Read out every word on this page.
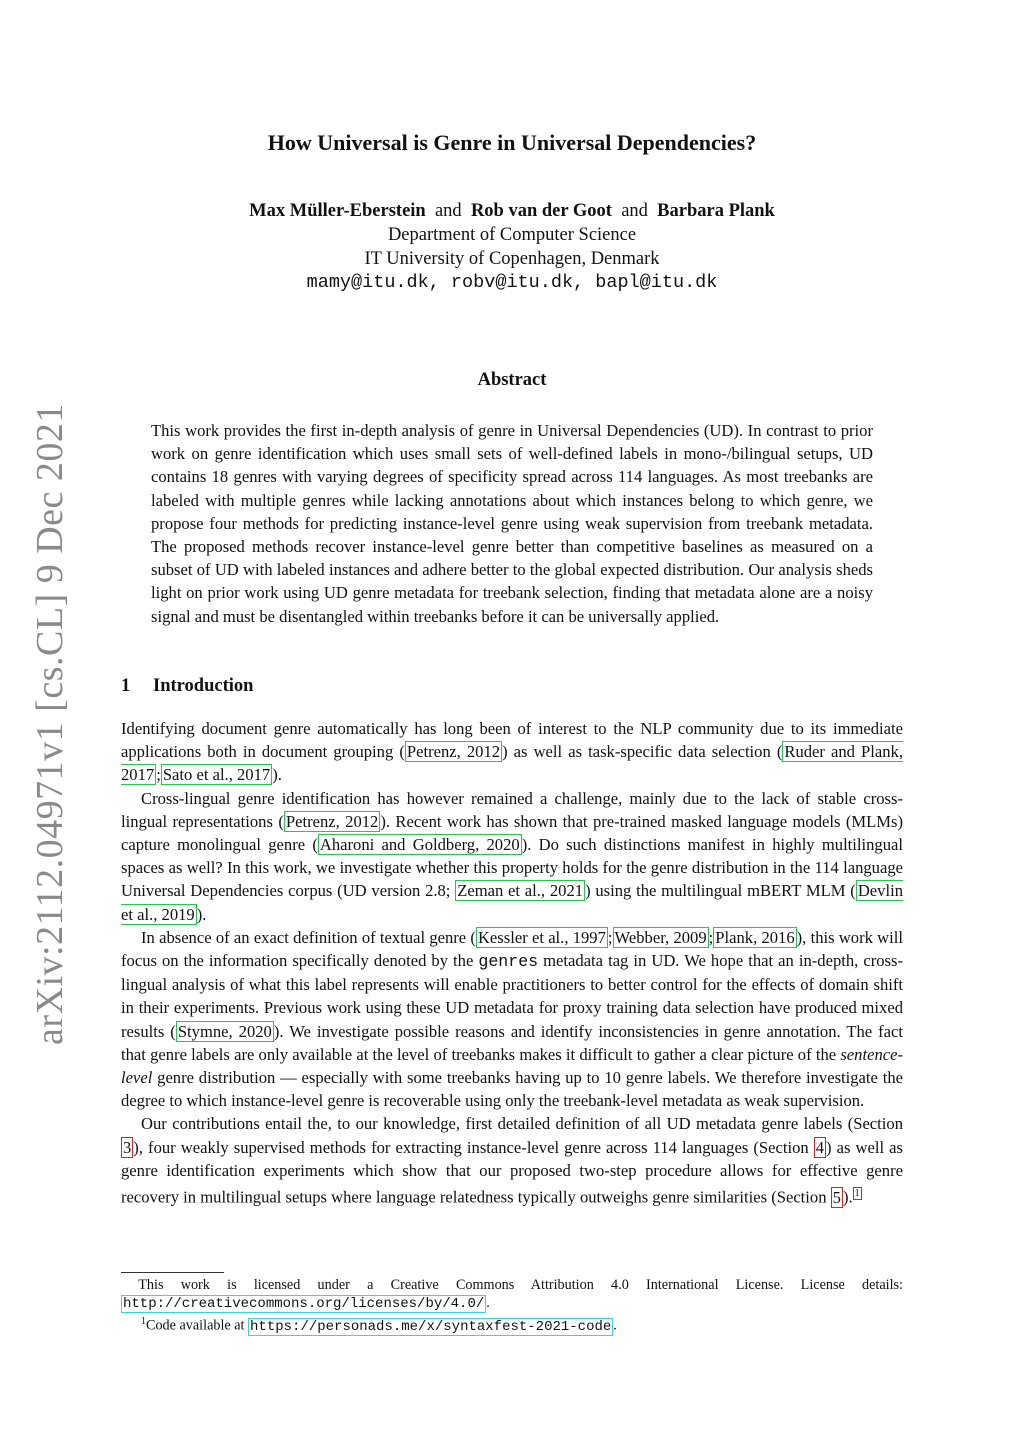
arXiv:2112.04971v1 [cs.CL] 9 Dec 2021
How Universal is Genre in Universal Dependencies?
Max Müller-Eberstein and Rob van der Goot and Barbara Plank
Department of Computer Science
IT University of Copenhagen, Denmark
mamy@itu.dk, robv@itu.dk, bapl@itu.dk
Abstract
This work provides the first in-depth analysis of genre in Universal Dependencies (UD). In contrast to prior work on genre identification which uses small sets of well-defined labels in mono-/bilingual setups, UD contains 18 genres with varying degrees of specificity spread across 114 languages. As most treebanks are labeled with multiple genres while lacking annotations about which instances belong to which genre, we propose four methods for predicting instance-level genre using weak supervision from treebank metadata. The proposed methods recover instance-level genre better than competitive baselines as measured on a subset of UD with labeled instances and adhere better to the global expected distribution. Our analysis sheds light on prior work using UD genre metadata for treebank selection, finding that metadata alone are a noisy signal and must be disentangled within treebanks before it can be universally applied.
1 Introduction

Identifying document genre automatically has long been of interest to the NLP community due to its immediate applications both in document grouping ( Petrenz, 2012 ) as well as task-specific data selection ( Ruder and Plank, 2017 ; Sato et al., 2017 ).

Cross-lingual genre identification has however remained a challenge, mainly due to the lack of stable cross-lingual representations ( Petrenz, 2012 ). Recent work has shown that pre-trained masked language models (MLMs) capture monolingual genre ( Aharoni and Goldberg, 2020 ). Do such distinctions manifest in highly multilingual spaces as well? In this work, we investigate whether this property holds for the genre distribution in the 114 language Universal Dependencies corpus (UD version 2.8; Zeman et al., 2021 ) using the multilingual mBERT MLM ( Devlin et al., 2019 ).

In absence of an exact definition of textual genre ( Kessler et al., 1997 ; Webber, 2009 ; Plank, 2016 ), this work will focus on the information specifically denoted by the genres metadata tag in UD. We hope that an in-depth, cross-lingual analysis of what this label represents will enable practitioners to better control for the effects of domain shift in their experiments. Previous work using these UD metadata for proxy training data selection have produced mixed results ( Stymne, 2020 ). We investigate possible reasons and identify inconsistencies in genre annotation. The fact that genre labels are only available at the level of treebanks makes it difficult to gather a clear picture of the sentence-level genre distribution — especially with some treebanks having up to 10 genre labels. We therefore investigate the degree to which instance-level genre is recoverable using only the treebank-level metadata as weak supervision.

Our contributions entail the, to our knowledge, first detailed definition of all UD metadata genre labels (Section 3 ), four weakly supervised methods for extracting instance-level genre across 114 languages (Section 4 ) as well as genre identification experiments which show that our proposed two-step procedure allows for effective genre recovery in multilingual setups where language relatedness typically outweighs genre similarities (Section 5 ). $^1$

This work is licensed under a Creative Commons Attribution 4.0 International License. License details: http://creativecommons.org/licenses/by/4.0/ .

$^1$Code available at https://personads.me/x/syntaxfest-2021-code .
